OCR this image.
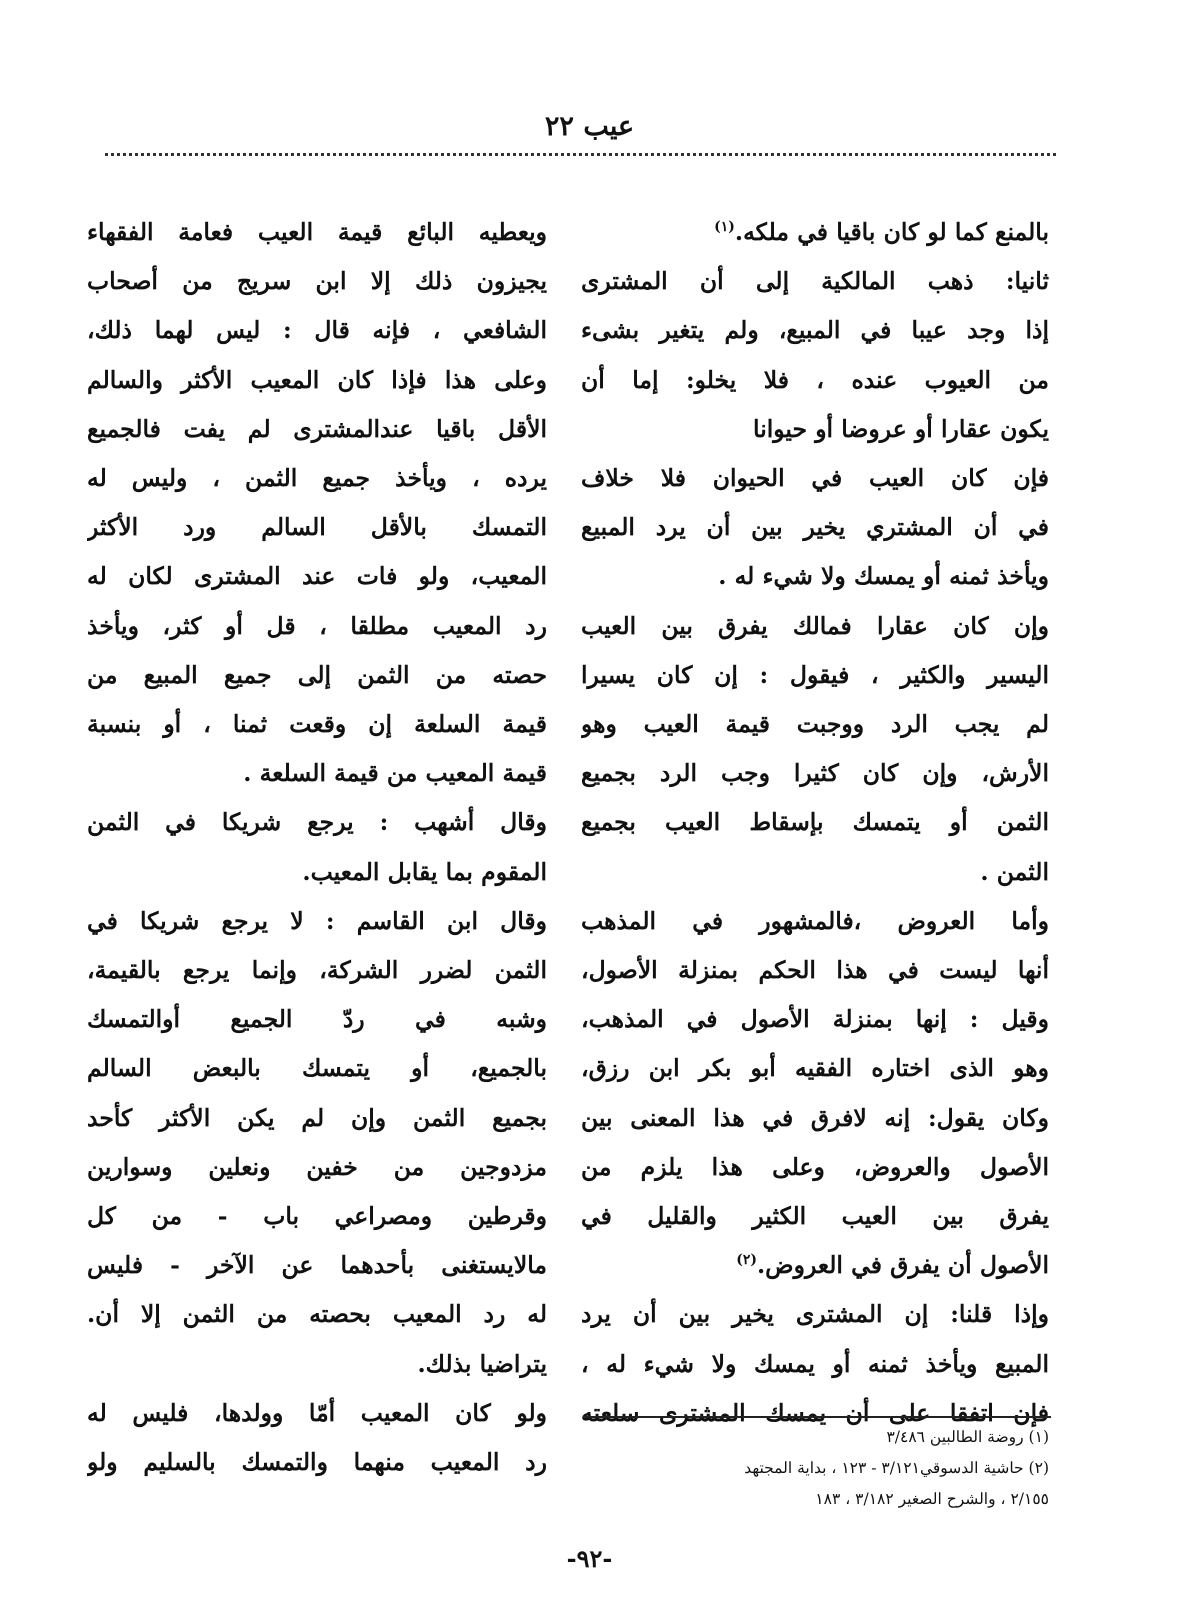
عيب ٢٢
بالمنع كما لو كان باقيا في ملكه.$^{(١)}$
ثانيا: ذهب المالكية إلى أن المشترى
إذا وجد عيبا في المبيع، ولم يتغير بشىء
من العيوب عنده ، فلا يخلو: إما أن
يكون عقارا أو عروضا أو حيوانا
فإن كان العيب في الحيوان فلا خلاف
في أن المشتري يخير بين أن يرد المبيع
ويأخذ ثمنه أو يمسك ولا شيء له .
وإن كان عقارا فمالك يفرق بين العيب
اليسير والكثير ، فيقول : إن كان يسيرا
لم يجب الرد ووجبت قيمة العيب وهو
الأرش، وإن كان كثيرا وجب الرد بجميع
الثمن أو يتمسك بإسقاط العيب بجميع
الثمن .
وأما العروض ،فالمشهور في المذهب
أنها ليست في هذا الحكم بمنزلة الأصول،
وقيل : إنها بمنزلة الأصول في المذهب،
وهو الذى اختاره الفقيه أبو بكر ابن رزق،
وكان يقول: إنه لافرق في هذا المعنى بين
الأصول والعروض، وعلى هذا يلزم من
يفرق بين العيب الكثير والقليل في
الأصول أن يفرق في العروض.$^{(٢)}$
وإذا قلنا: إن المشترى يخير بين أن يرد
المبيع ويأخذ ثمنه أو يمسك ولا شيء له ،
فإن اتفقا على أن يمسك المشترى سلعته
ويعطيه البائع قيمة العيب فعامة الفقهاء
يجيزون ذلك إلا ابن سريج من أصحاب
الشافعي ، فإنه قال : ليس لهما ذلك،
وعلى هذا فإذا كان المعيب الأكثر والسالم
الأقل باقيا عندالمشترى لم يفت فالجميع
يرده ، ويأخذ جميع الثمن ، وليس له
التمسك بالأقل السالم ورد الأكثر
المعيب، ولو فات عند المشترى لكان له
رد المعيب مطلقا ، قل أو كثر، ويأخذ
حصته من الثمن إلى جميع المبيع من
قيمة السلعة إن وقعت ثمنا ، أو بنسبة
قيمة المعيب من قيمة السلعة .
وقال أشهب : يرجع شريكا في الثمن
المقوم بما يقابل المعيب.
وقال ابن القاسم : لا يرجع شريكا في
الثمن لضرر الشركة، وإنما يرجع بالقيمة،
وشبه في ردّ الجميع أوالتمسك
بالجميع، أو يتمسك بالبعض السالم
بجميع الثمن وإن لم يكن الأكثر كأحد
مزدوجين من خفين ونعلين وسوارين
وقرطين ومصراعي باب - من كل
مالايستغنى بأحدهما عن الآخر - فليس
له رد المعيب بحصته من الثمن إلا أن.
يتراضيا بذلك.
ولو كان المعيب أمّا وولدها، فليس له
رد المعيب منهما والتمسك بالسليم ولو
(١) روضة الطالبين ٣/٤٨٦
(٢) حاشية الدسوقي٣/١٢١ - ١٢٣ ، بداية المجتهد
٢/١٥٥ ، والشرح الصغير ٣/١٨٢ ، ١٨٣
-٩٢-
